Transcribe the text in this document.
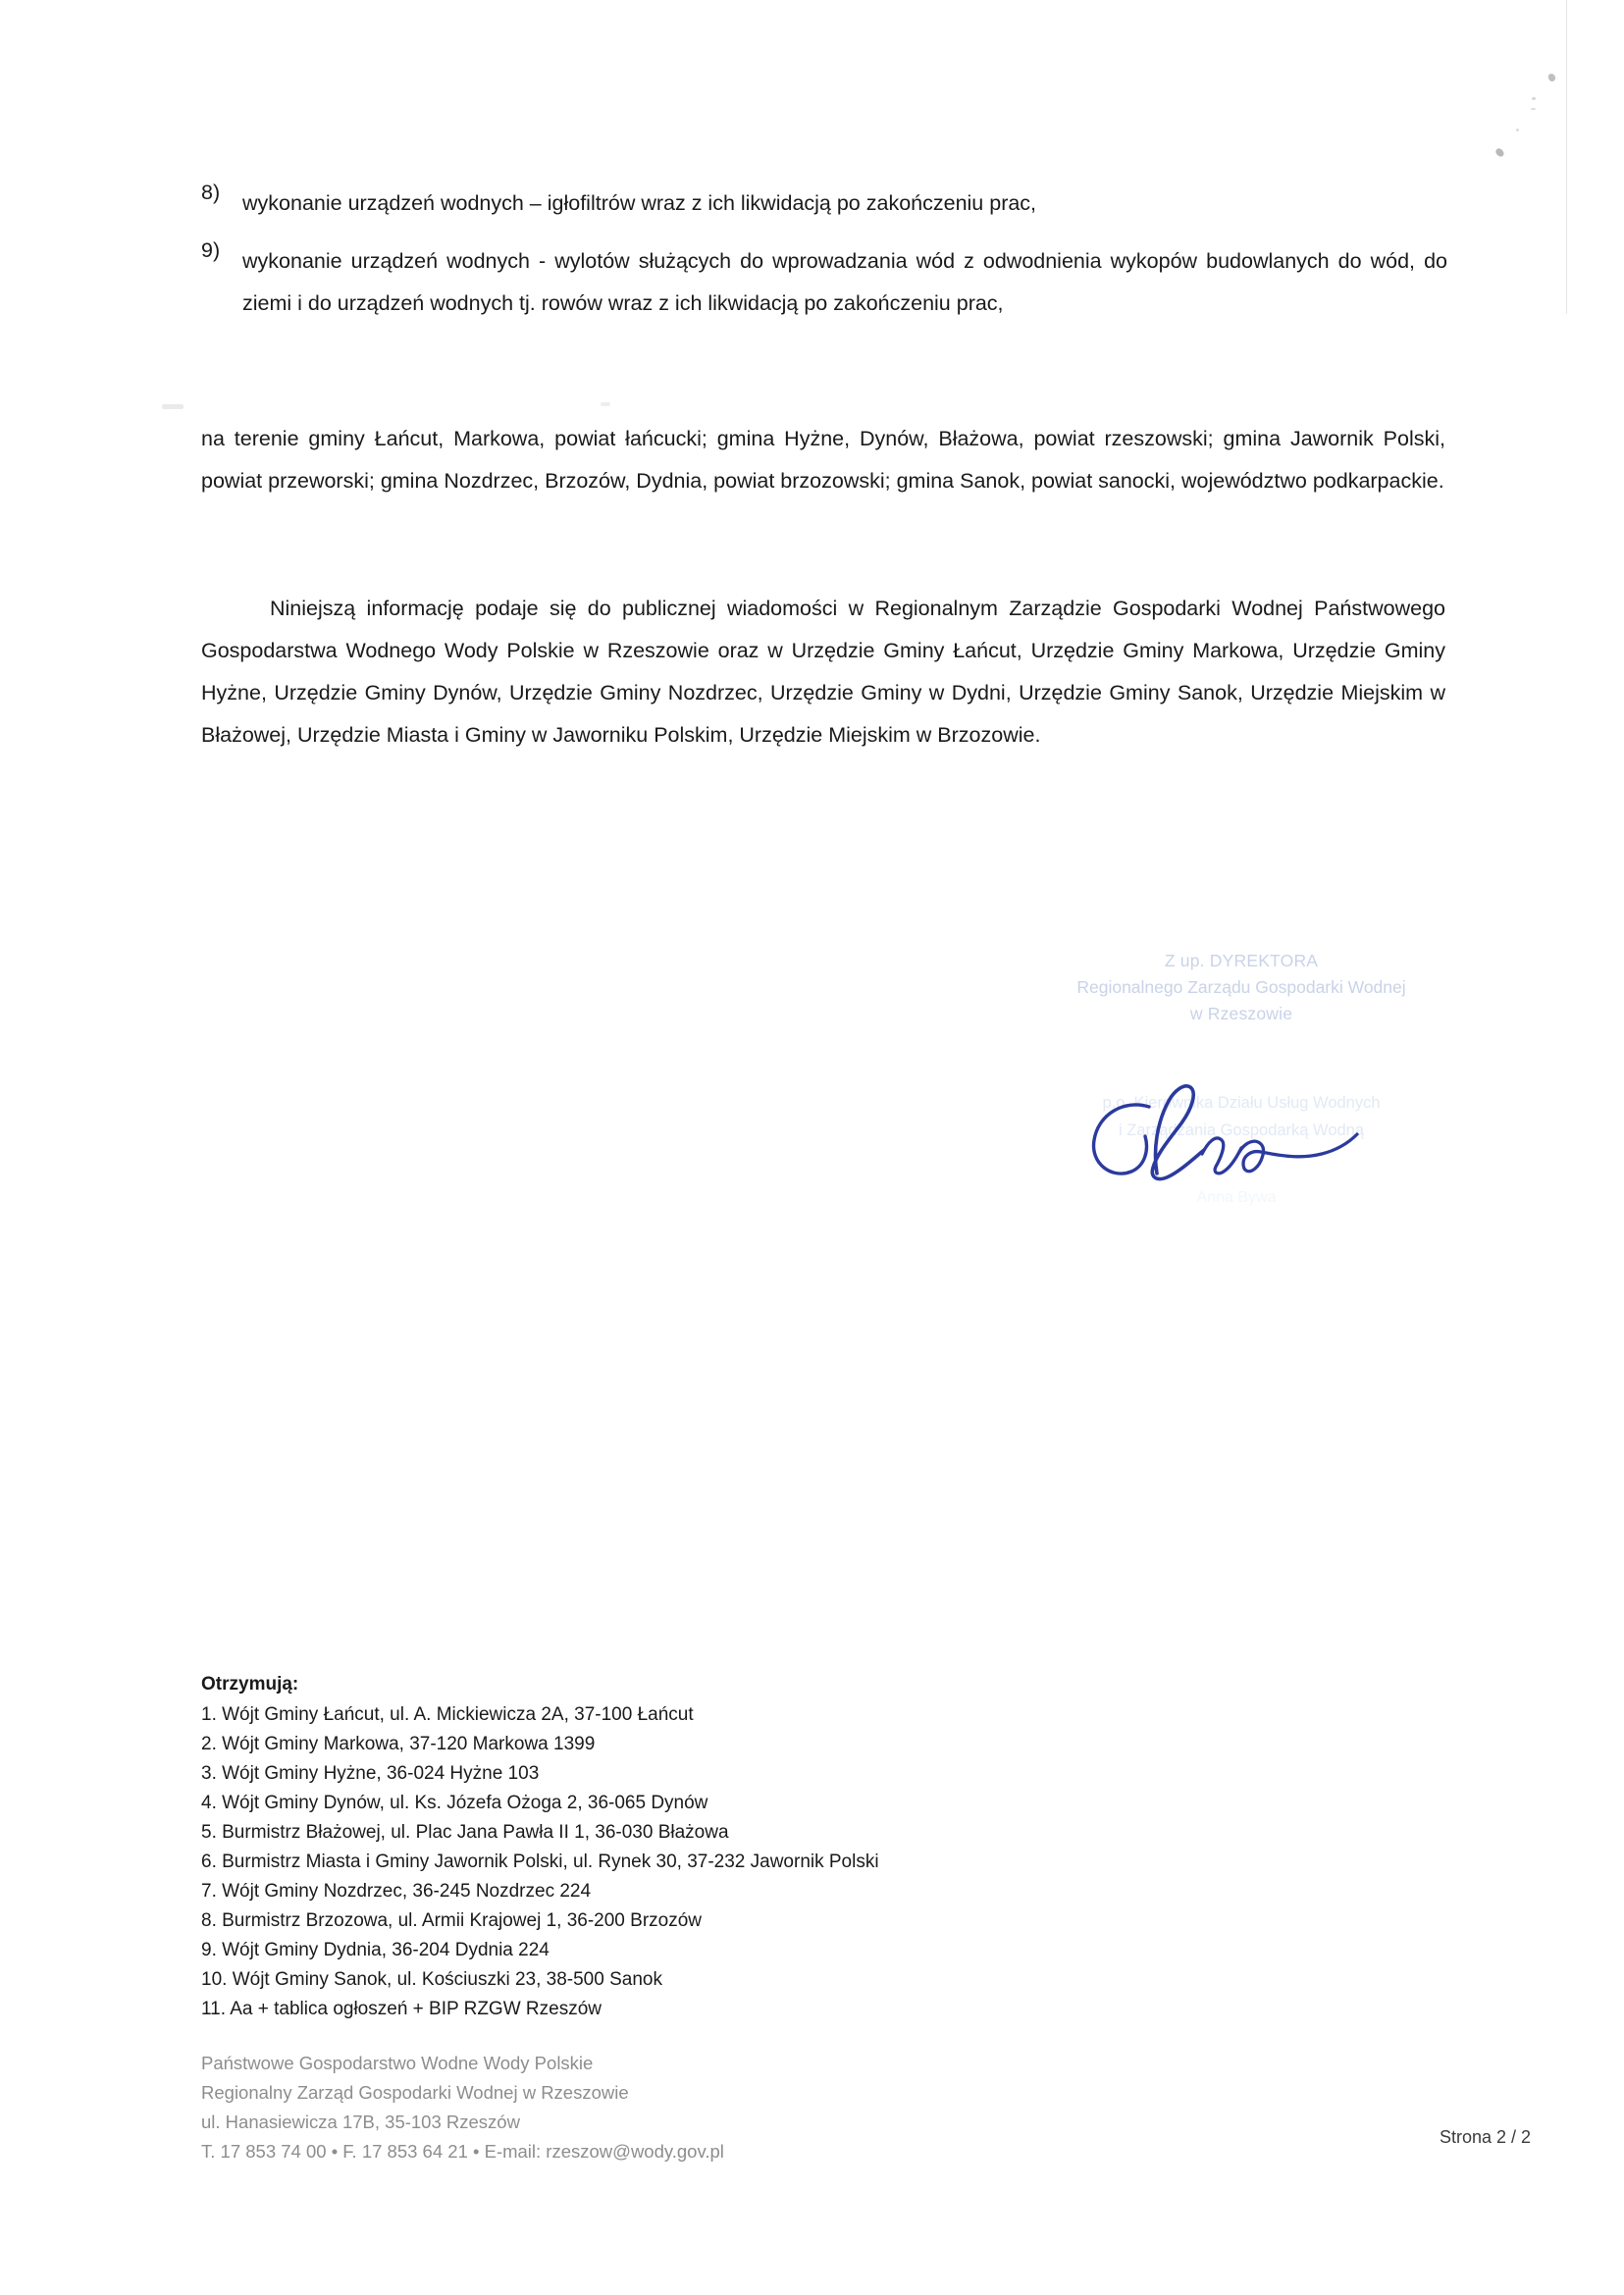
8)	wykonanie urządzeń wodnych – igłofiltrów wraz z ich likwidacją po zakończeniu prac,
9)	wykonanie urządzeń wodnych - wylotów służących do wprowadzania wód z odwodnienia wykopów budowlanych do wód, do ziemi i do urządzeń wodnych tj. rowów wraz z ich likwidacją po zakończeniu prac,

na terenie gminy Łańcut, Markowa, powiat łańcucki; gmina Hyżne, Dynów, Błażowa, powiat rzeszowski; gmina Jawornik Polski, powiat przeworski; gmina Nozdrzec, Brzozów, Dydnia, powiat brzozowski; gmina Sanok, powiat sanocki, województwo podkarpackie.

Niniejszą informację podaje się do publicznej wiadomości w Regionalnym Zarządzie Gospodarki Wodnej Państwowego Gospodarstwa Wodnego Wody Polskie w Rzeszowie oraz w Urzędzie Gminy Łańcut, Urzędzie Gminy Markowa, Urzędzie Gminy Hyżne, Urzędzie Gminy Dynów, Urzędzie Gminy Nozdrzec, Urzędzie Gminy w Dydni, Urzędzie Gminy Sanok, Urzędzie Miejskim w Błażowej, Urzędzie Miasta i Gminy w Jaworniku Polskim, Urzędzie Miejskim w Brzozowie.

Z up. DYREKTORA
Regionalnego Zarządu Gospodarki Wodnej
w Rzeszowie
p.o. Kierownika Działu Usług Wodnych
i Zarządzania Gospodarką Wodną
Anna Bywa
Otrzymują:
1. Wójt Gminy Łańcut, ul. A. Mickiewicza 2A, 37-100 Łańcut
2. Wójt Gminy Markowa, 37-120 Markowa 1399
3. Wójt Gminy Hyżne, 36-024 Hyżne 103
4. Wójt Gminy Dynów, ul. Ks. Józefa Ożoga 2, 36-065 Dynów
5. Burmistrz Błażowej, ul. Plac Jana Pawła II 1, 36-030 Błażowa
6. Burmistrz Miasta i Gminy Jawornik Polski, ul. Rynek 30, 37-232 Jawornik Polski
7. Wójt Gminy Nozdrzec, 36-245 Nozdrzec 224
8. Burmistrz Brzozowa, ul. Armii Krajowej 1, 36-200 Brzozów
9. Wójt Gminy Dydnia, 36-204 Dydnia 224
10. Wójt Gminy Sanok, ul. Kościuszki 23, 38-500 Sanok
11. Aa + tablica ogłoszeń + BIP RZGW Rzeszów
Państwowe Gospodarstwo Wodne Wody Polskie
Regionalny Zarząd Gospodarki Wodnej w Rzeszowie
ul. Hanasiewicza 17B, 35-103 Rzeszów
T. 17 853 74 00 • F. 17 853 64 21 • E-mail: rzeszow@wody.gov.pl
Strona 2 / 2
